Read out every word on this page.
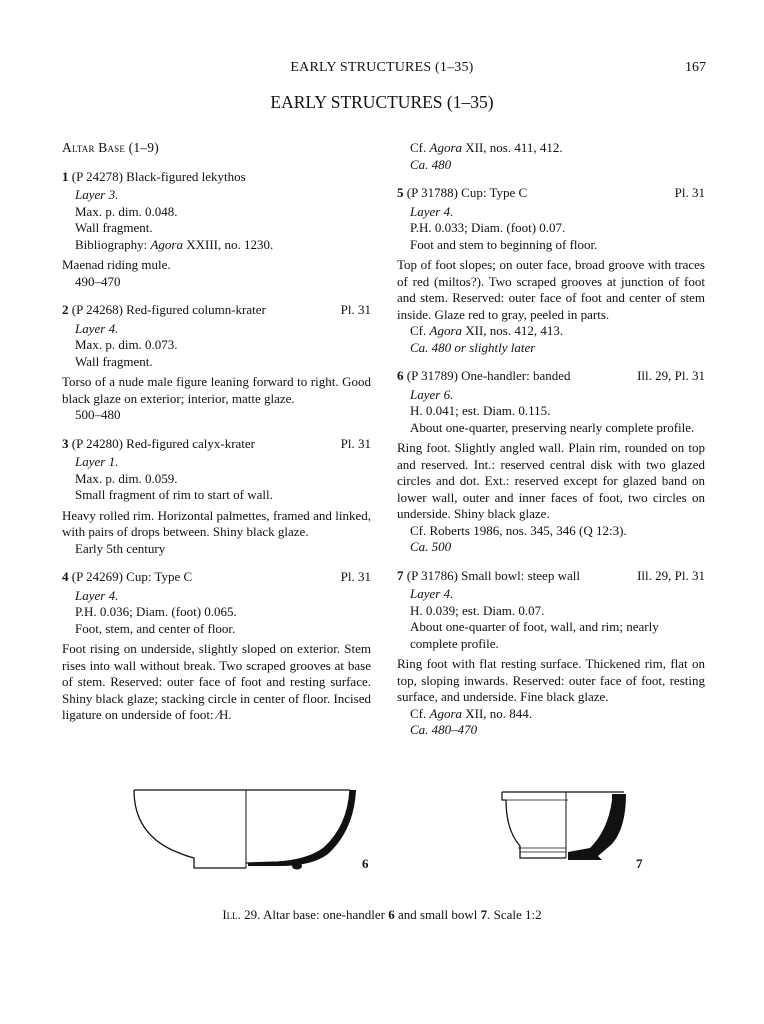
EARLY STRUCTURES (1–35)	167
EARLY STRUCTURES (1–35)
Altar Base (1–9)
1 (P 24278) Black-figured lekythos
Layer 3.
Max. p. dim. 0.048.
Wall fragment.
Bibliography: Agora XXIII, no. 1230.
Maenad riding mule.
490–470
2 (P 24268) Red-figured column-krater	Pl. 31
Layer 4.
Max. p. dim. 0.073.
Wall fragment.
Torso of a nude male figure leaning forward to right. Good black glaze on exterior; interior, matte glaze.
500–480
3 (P 24280) Red-figured calyx-krater	Pl. 31
Layer 1.
Max. p. dim. 0.059.
Small fragment of rim to start of wall.
Heavy rolled rim. Horizontal palmettes, framed and linked, with pairs of drops between. Shiny black glaze.
Early 5th century
4 (P 24269) Cup: Type C	Pl. 31
Layer 4.
P.H. 0.036; Diam. (foot) 0.065.
Foot, stem, and center of floor.
Foot rising on underside, slightly sloped on exterior. Stem rises into wall without break. Two scraped grooves at base of stem. Reserved: outer face of foot and resting surface. Shiny black glaze; stacking circle in center of floor. Incised ligature on underside of foot: ⁄H.
Cf. Agora XII, nos. 411, 412.
Ca. 480
5 (P 31788) Cup: Type C	Pl. 31
Layer 4.
P.H. 0.033; Diam. (foot) 0.07.
Foot and stem to beginning of floor.
Top of foot slopes; on outer face, broad groove with traces of red (miltos?). Two scraped grooves at junction of foot and stem. Reserved: outer face of foot and center of stem inside. Glaze red to gray, peeled in parts.
Cf. Agora XII, nos. 412, 413.
Ca. 480 or slightly later
6 (P 31789) One-handler: banded	Ill. 29, Pl. 31
Layer 6.
H. 0.041; est. Diam. 0.115.
About one-quarter, preserving nearly complete profile.
Ring foot. Slightly angled wall. Plain rim, rounded on top and reserved. Int.: reserved central disk with two glazed circles and dot. Ext.: reserved except for glazed band on lower wall, outer and inner faces of foot, two circles on underside. Shiny black glaze.
Cf. Roberts 1986, nos. 345, 346 (Q 12:3).
Ca. 500
7 (P 31786) Small bowl: steep wall	Ill. 29, Pl. 31
Layer 4.
H. 0.039; est. Diam. 0.07.
About one-quarter of foot, wall, and rim; nearly complete profile.
Ring foot with flat resting surface. Thickened rim, flat on top, sloping inwards. Reserved: outer face of foot, resting surface, and underside. Fine black glaze.
Cf. Agora XII, no. 844.
Ca. 480–470
6	7
Ill. 29. Altar base: one-handler 6 and small bowl 7. Scale 1:2
